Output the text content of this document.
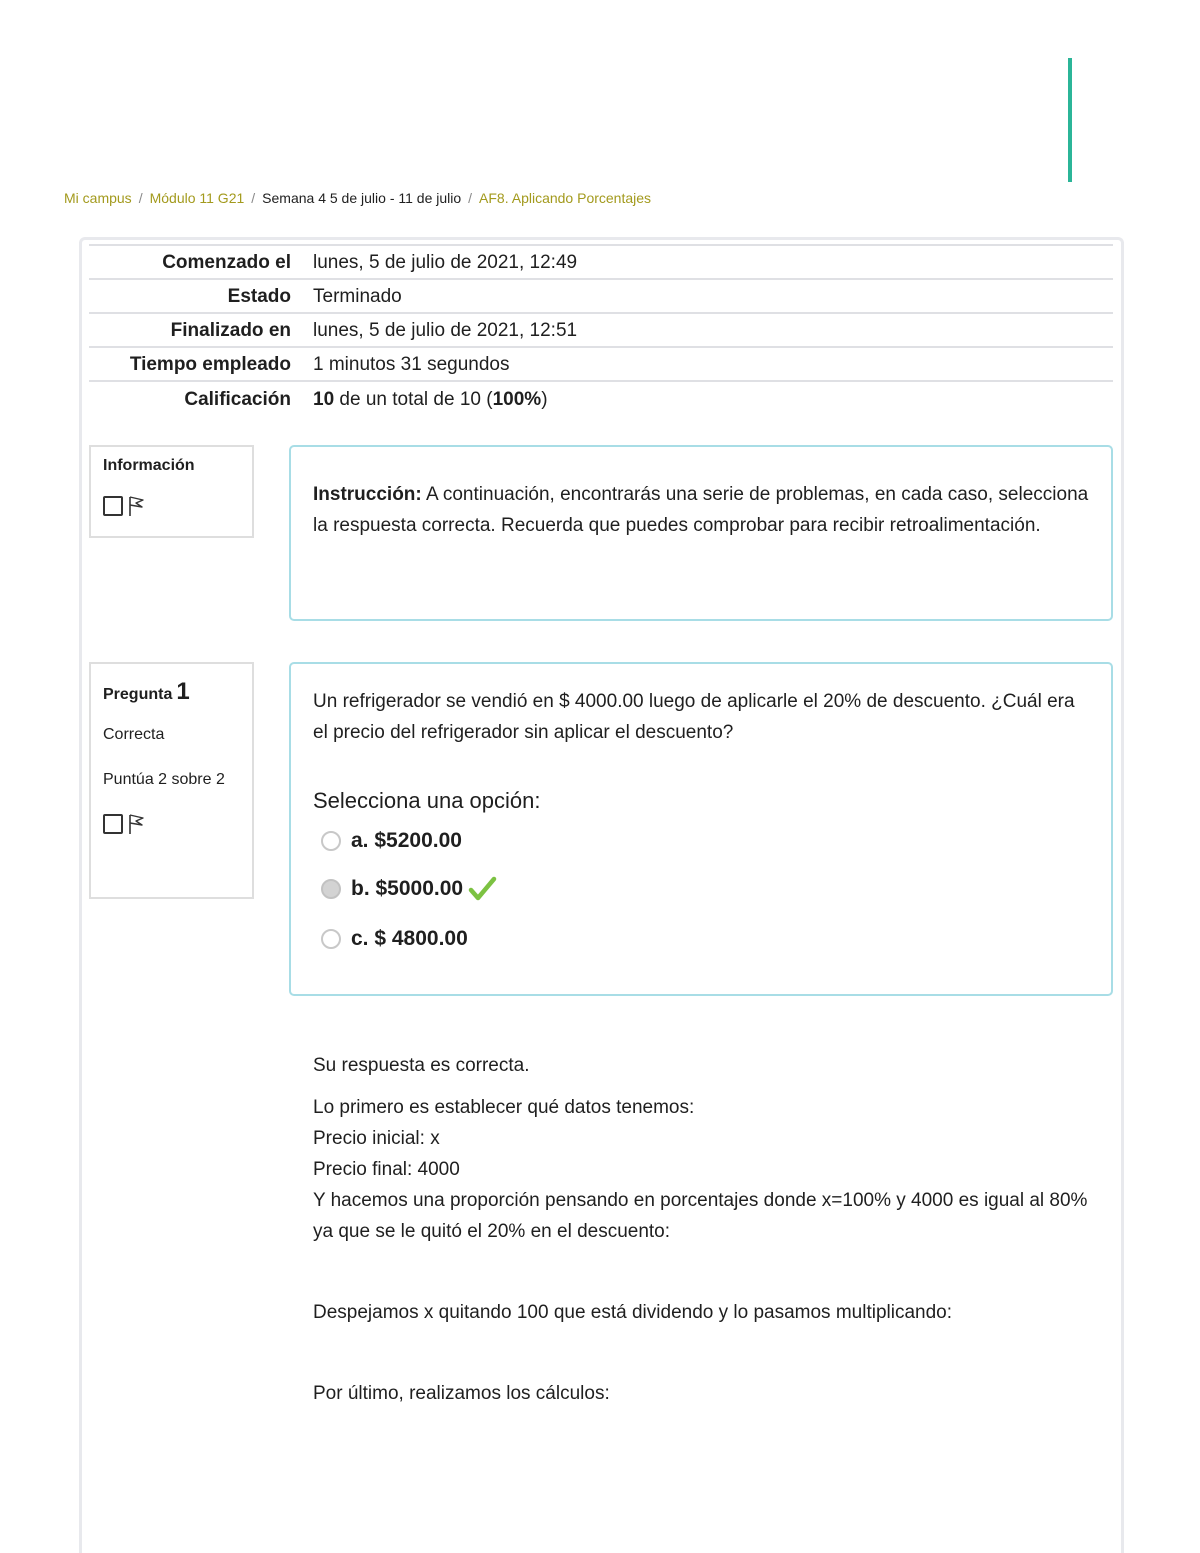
Mi campus / Módulo 11 G21 / Semana 4 5 de julio - 11 de julio / AF8. Aplicando Porcentajes
Comenzado el	lunes, 5 de julio de 2021, 12:49
Estado	Terminado
Finalizado en	lunes, 5 de julio de 2021, 12:51
Tiempo empleado	1 minutos 31 segundos
Calificación	10 de un total de 10 (100%)
Información

Instrucción: A continuación, encontrarás una serie de problemas, en cada caso, selecciona la respuesta correcta. Recuerda que puedes comprobar para recibir retroalimentación.

Pregunta 1
Correcta
Puntúa 2 sobre 2

Un refrigerador se vendió en $ 4000.00 luego de aplicarle el 20% de descuento. ¿Cuál era el precio del refrigerador sin aplicar el descuento?

Selecciona una opción:
a. $5200.00
b. $5000.00
c. $ 4800.00

Su respuesta es correcta.

Lo primero es establecer qué datos tenemos:

Precio inicial: x

Precio final: 4000

Y hacemos una proporción pensando en porcentajes donde x=100% y 4000 es igual al 80% ya que se le quitó el 20% en el descuento:

Despejamos x quitando 100 que está dividendo y lo pasamos multiplicando:

Por último, realizamos los cálculos:
